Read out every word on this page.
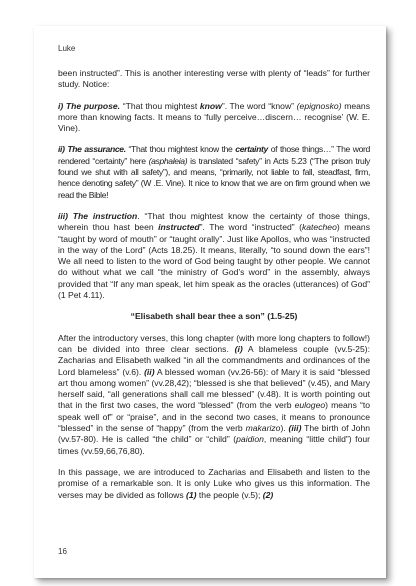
Luke

been instructed”. This is another interesting verse with plenty of “leads” for further study. Notice:

i) The purpose. “That thou mightest know”. The word “know” (epignosko) means more than knowing facts. It means to ‘fully perceive…discern… recognise’ (W. E. Vine).

ii) The assurance. “That thou mightest know the certainty of those things…” The word rendered “certainty” here (asphaleia) is translated “safety” in Acts 5.23 (“The prison truly found we shut with all safety”), and means, “primarily, not liable to fall, steadfast, firm, hence denoting safety” (W .E. Vine). It nice to know that we are on firm ground when we read the Bible!

iii) The instruction. “That thou mightest know the certainty of those things, wherein thou hast been instructed”. The word “instructed” (katecheo) means “taught by word of mouth” or “taught orally”. Just like Apollos, who was “instructed in the way of the Lord” (Acts 18.25). It means, literally, “to sound down the ears”! We all need to listen to the word of God being taught by other people. We cannot do without what we call “the ministry of God’s word” in the assembly, always provided that “If any man speak, let him speak as the oracles (utterances) of God” (1 Pet 4.11).

“Elisabeth shall bear thee a son” (1.5-25)

After the introductory verses, this long chapter (with more long chapters to follow!) can be divided into three clear sections. (i) A blameless couple (vv.5-25): Zacharias and Elisabeth walked “in all the commandments and ordinances of the Lord blameless” (v.6). (ii) A blessed woman (vv.26-56): of Mary it is said “blessed art thou among women” (vv.28,42); “blessed is she that believed” (v.45), and Mary herself said, “all generations shall call me blessed” (v.48). It is worth pointing out that in the first two cases, the word “blessed” (from the verb eulogeo) means “to speak well of” or “praise”, and in the second two cases, it means to pronounce “blessed” in the sense of “happy” (from the verb makarizo). (iii) The birth of John (vv.57-80). He is called “the child” or “child” (paidion, meaning “little child”) four times (vv.59,66,76,80).

In this passage, we are introduced to Zacharias and Elisabeth and listen to the promise of a remarkable son. It is only Luke who gives us this information. The verses may be divided as follows (1) the people (v.5); (2)

16
